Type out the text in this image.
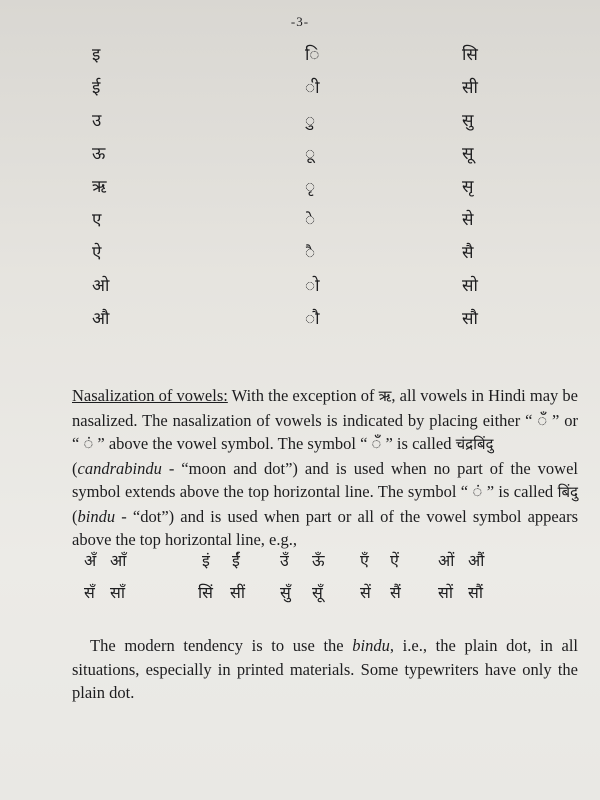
-3-
इ	ि	सि
ई	ी	सी
उ	ु	सु
ऊ	ू	सू
ऋ	ृ	सृ
ए	े	से
ऐ	ै	सै
ओ	ो	सो
औ	ौ	सौ

Nasalization of vowels: With the exception of ऋ, all vowels in Hindi may be nasalized. The nasalization of vowels is indicated by placing either “ ँ ” or “ ं ” above the vowel symbol. The symbol “ ँ ” is called चंद्रबिंदु
(candrabindu - “moon and dot”) and is used when no part of the vowel symbol extends above the top horizontal line. The symbol “ ं ” is called बिंदु (bindu - “dot”) and is used when part or all of the vowel symbol appears above the top horizontal line, e.g.,

अँ आँ	इं ईं	उँ ऊँ एँ ऐं ओं औं
सँ साँ	सिं सीं सुँ सूँ सें सैं सों सौं

The modern tendency is to use the bindu, i.e., the plain dot, in all situations, especially in printed materials. Some typewriters have only the plain dot.
